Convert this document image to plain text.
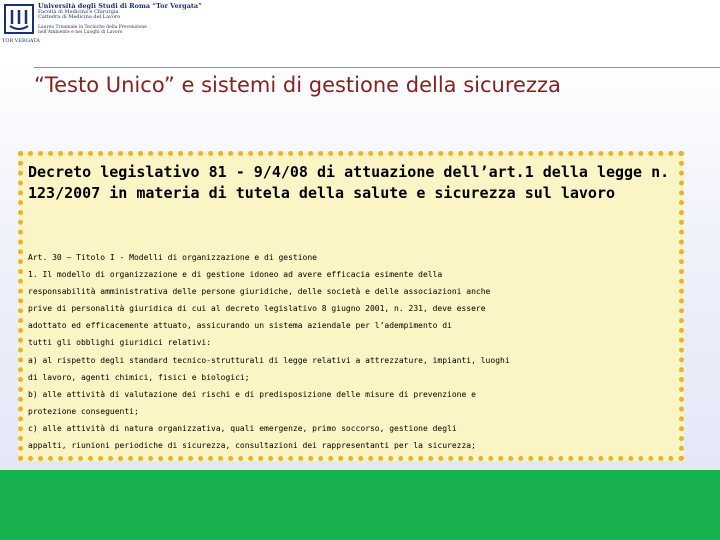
TOR VERGATA
Università degli Studi di Roma “Tor Vergata”
Facoltà di Medicina e Chirurgia
Cattedra di Medicina del Lavoro
Laurea Triennale in Tecniche della Prevenzione
nell’Ambiente e nei Luoghi di Lavoro
“Testo Unico” e sistemi di gestione della sicurezza
Decreto legislativo 81 - 9/4/08 di attuazione dell’art.1 della legge n. 123/2007 in materia di tutela della salute e sicurezza sul lavoro
Art. 30 – Titolo I - Modelli di organizzazione e di gestione
1. Il modello di organizzazione e di gestione idoneo ad avere efficacia esimente della
responsabilità amministrativa delle persone giuridiche, delle società e delle associazioni anche
prive di personalità giuridica di cui al decreto legislativo 8 giugno 2001, n. 231, deve essere
adottato ed efficacemente attuato, assicurando un sistema aziendale per l’adempimento di
tutti gli obblighi giuridici relativi:
a) al rispetto degli standard tecnico-strutturali di legge relativi a attrezzature, impianti, luoghi
di lavoro, agenti chimici, fisici e biologici;
b) alle attività di valutazione dei rischi e di predisposizione delle misure di prevenzione e
protezione conseguenti;
c) alle attività di natura organizzativa, quali emergenze, primo soccorso, gestione degli
appalti, riunioni periodiche di sicurezza, consultazioni dei rappresentanti per la sicurezza;
